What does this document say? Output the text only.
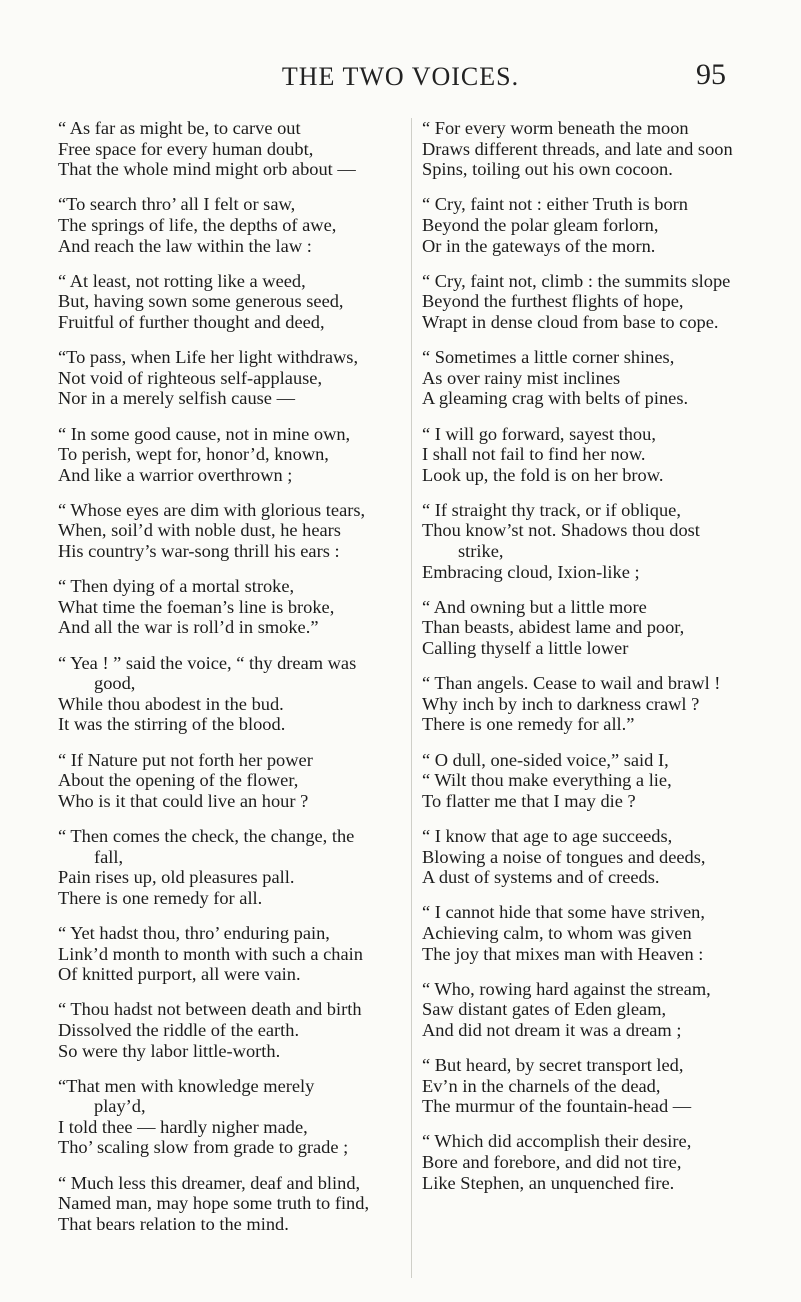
THE TWO VOICES.	95
“ As far as might be, to carve out
Free space for every human doubt,
That the whole mind might orb about —
“To search thro’ all I felt or saw,
The springs of life, the depths of awe,
And reach the law within the law :
“ At least, not rotting like a weed,
But, having sown some generous seed,
Fruitful of further thought and deed,
“To pass, when Life her light withdraws,
Not void of righteous self-applause,
Nor in a merely selfish cause —
“ In some good cause, not in mine own,
To perish, wept for, honor’d, known,
And like a warrior overthrown ;
“ Whose eyes are dim with glorious tears,
When, soil’d with noble dust, he hears
His country’s war-song thrill his ears :
“ Then dying of a mortal stroke,
What time the foeman’s line is broke,
And all the war is roll’d in smoke.”
“ Yea ! ” said the voice, “ thy dream was
good,
While thou abodest in the bud.
It was the stirring of the blood.
“ If Nature put not forth her power
About the opening of the flower,
Who is it that could live an hour ?
“ Then comes the check, the change, the
fall,
Pain rises up, old pleasures pall.
There is one remedy for all.
“ Yet hadst thou, thro’ enduring pain,
Link’d month to month with such a chain
Of knitted purport, all were vain.
“ Thou hadst not between death and birth
Dissolved the riddle of the earth.
So were thy labor little-worth.
“That men with knowledge merely
play’d,
I told thee — hardly nigher made,
Tho’ scaling slow from grade to grade ;
“ Much less this dreamer, deaf and blind,
Named man, may hope some truth to find,
That bears relation to the mind.
“ For every worm beneath the moon
Draws different threads, and late and soon
Spins, toiling out his own cocoon.
“ Cry, faint not : either Truth is born
Beyond the polar gleam forlorn,
Or in the gateways of the morn.
“ Cry, faint not, climb : the summits slope
Beyond the furthest flights of hope,
Wrapt in dense cloud from base to cope.
“ Sometimes a little corner shines,
As over rainy mist inclines
A gleaming crag with belts of pines.
“ I will go forward, sayest thou,
I shall not fail to find her now.
Look up, the fold is on her brow.
“ If straight thy track, or if oblique,
Thou know’st not. Shadows thou dost
strike,
Embracing cloud, Ixion-like ;
“ And owning but a little more
Than beasts, abidest lame and poor,
Calling thyself a little lower
“ Than angels. Cease to wail and brawl !
Why inch by inch to darkness crawl ?
There is one remedy for all.”
“ O dull, one-sided voice,” said I,
“ Wilt thou make everything a lie,
To flatter me that I may die ?
“ I know that age to age succeeds,
Blowing a noise of tongues and deeds,
A dust of systems and of creeds.
“ I cannot hide that some have striven,
Achieving calm, to whom was given
The joy that mixes man with Heaven :
“ Who, rowing hard against the stream,
Saw distant gates of Eden gleam,
And did not dream it was a dream ;
“ But heard, by secret transport led,
Ev’n in the charnels of the dead,
The murmur of the fountain-head —
“ Which did accomplish their desire,
Bore and forebore, and did not tire,
Like Stephen, an unquenched fire.
